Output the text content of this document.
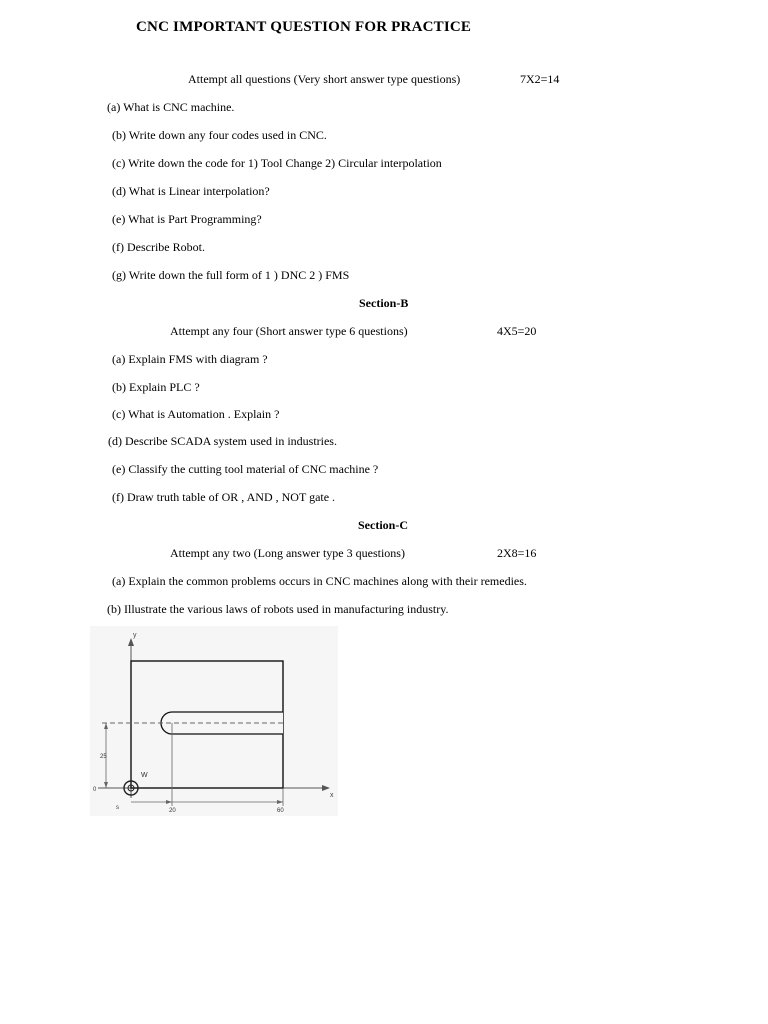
CNC IMPORTANT QUESTION FOR PRACTICE
Attempt all questions (Very short answer type questions)	7X2=14
(a) What is CNC machine.
(b) Write down any four codes used in CNC.
(c) Write down the code for 1) Tool Change 2) Circular interpolation
(d) What is Linear interpolation?
(e) What is Part Programming?
(f) Describe Robot.
(g) Write down the full form of 1 ) DNC 2 ) FMS
Section-B
Attempt any four (Short answer type 6 questions)	4X5=20
(a) Explain FMS with diagram ?
(b) Explain PLC ?
(c) What is Automation . Explain ?
(d) Describe SCADA system used in industries.
(e) Classify the cutting tool material of CNC machine ?
(f) Draw truth table of OR , AND , NOT gate .
Section-C
Attempt any two (Long answer type 3 questions)	2X8=16
(a) Explain the common problems occurs in CNC machines along with their remedies.
(b) Illustrate the various laws of robots used in manufacturing industry.
y
x
25
0
20	60
s
W
